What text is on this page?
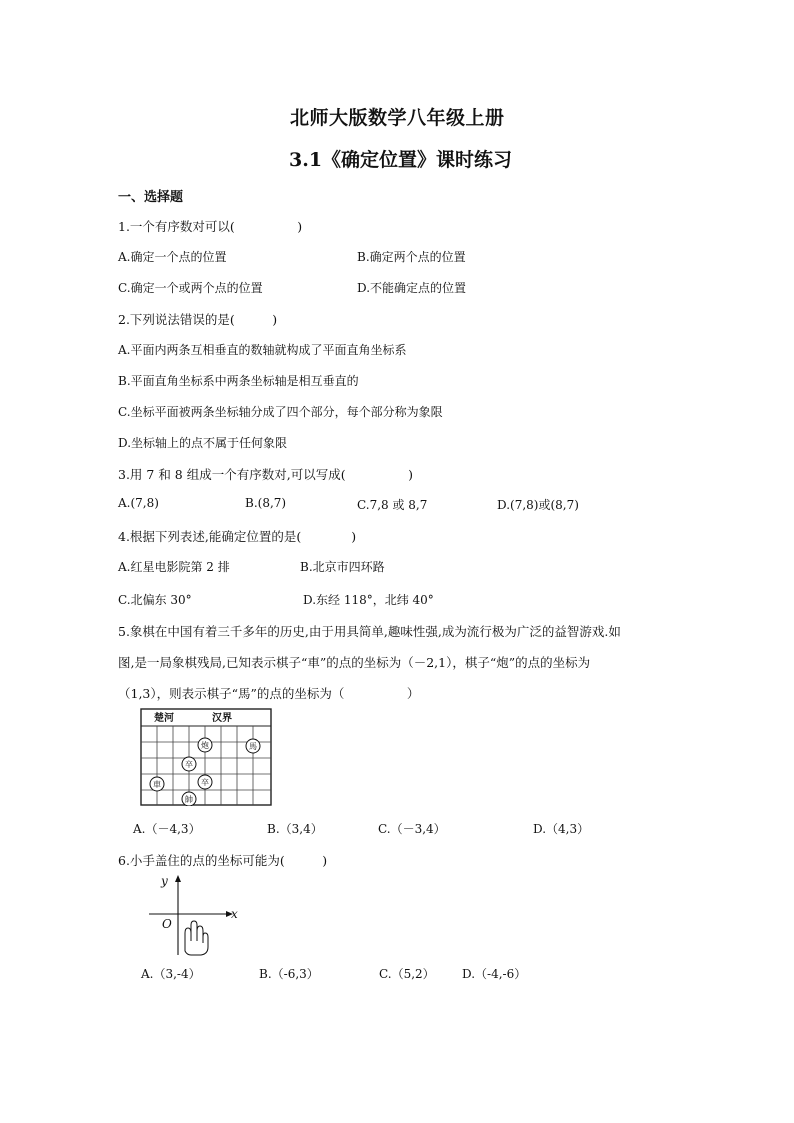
北师大版数学八年级上册
3.1《确定位置》课时练习
一、选择题
1.一个有序数对可以(　　　　　)
A.确定一个点的位置	B.确定两个点的位置
C.确定一个或两个点的位置	D.不能确定点的位置
2.下列说法错误的是(　　　)
A.平面内两条互相垂直的数轴就构成了平面直角坐标系
B.平面直角坐标系中两条坐标轴是相互垂直的
C.坐标平面被两条坐标轴分成了四个部分，每个部分称为象限
D.坐标轴上的点不属于任何象限
3.用 7 和 8 组成一个有序数对,可以写成(　　　　　)
A.(7,8)	B.(8,7)	C.7,8 或 8,7	D.(7,8)或(8,7)
4.根据下列表述,能确定位置的是(　　　　)
A.红星电影院第 2 排	B.北京市四环路
C.北偏东 30°	D.东经 118°，北纬 40°
5.象棋在中国有着三千多年的历史,由于用具简单,趣味性强,成为流行极为广泛的益智游戏.如
图,是一局象棋残局,已知表示棋子“車”的点的坐标为（－2,1），棋子“炮”的点的坐标为
（1,3），则表示棋子“馬”的点的坐标为（　　　　　）
楚河	汉界
車
卒
炮
卒
帥
馬
A.（－4,3）	B.（3,4）	C.（－3,4）	D.（4,3）
6.小手盖住的点的坐标可能为(　　　)
y
x
O
A.（3,-4）	B.（-6,3）	C.（5,2） D.（-4,-6）
